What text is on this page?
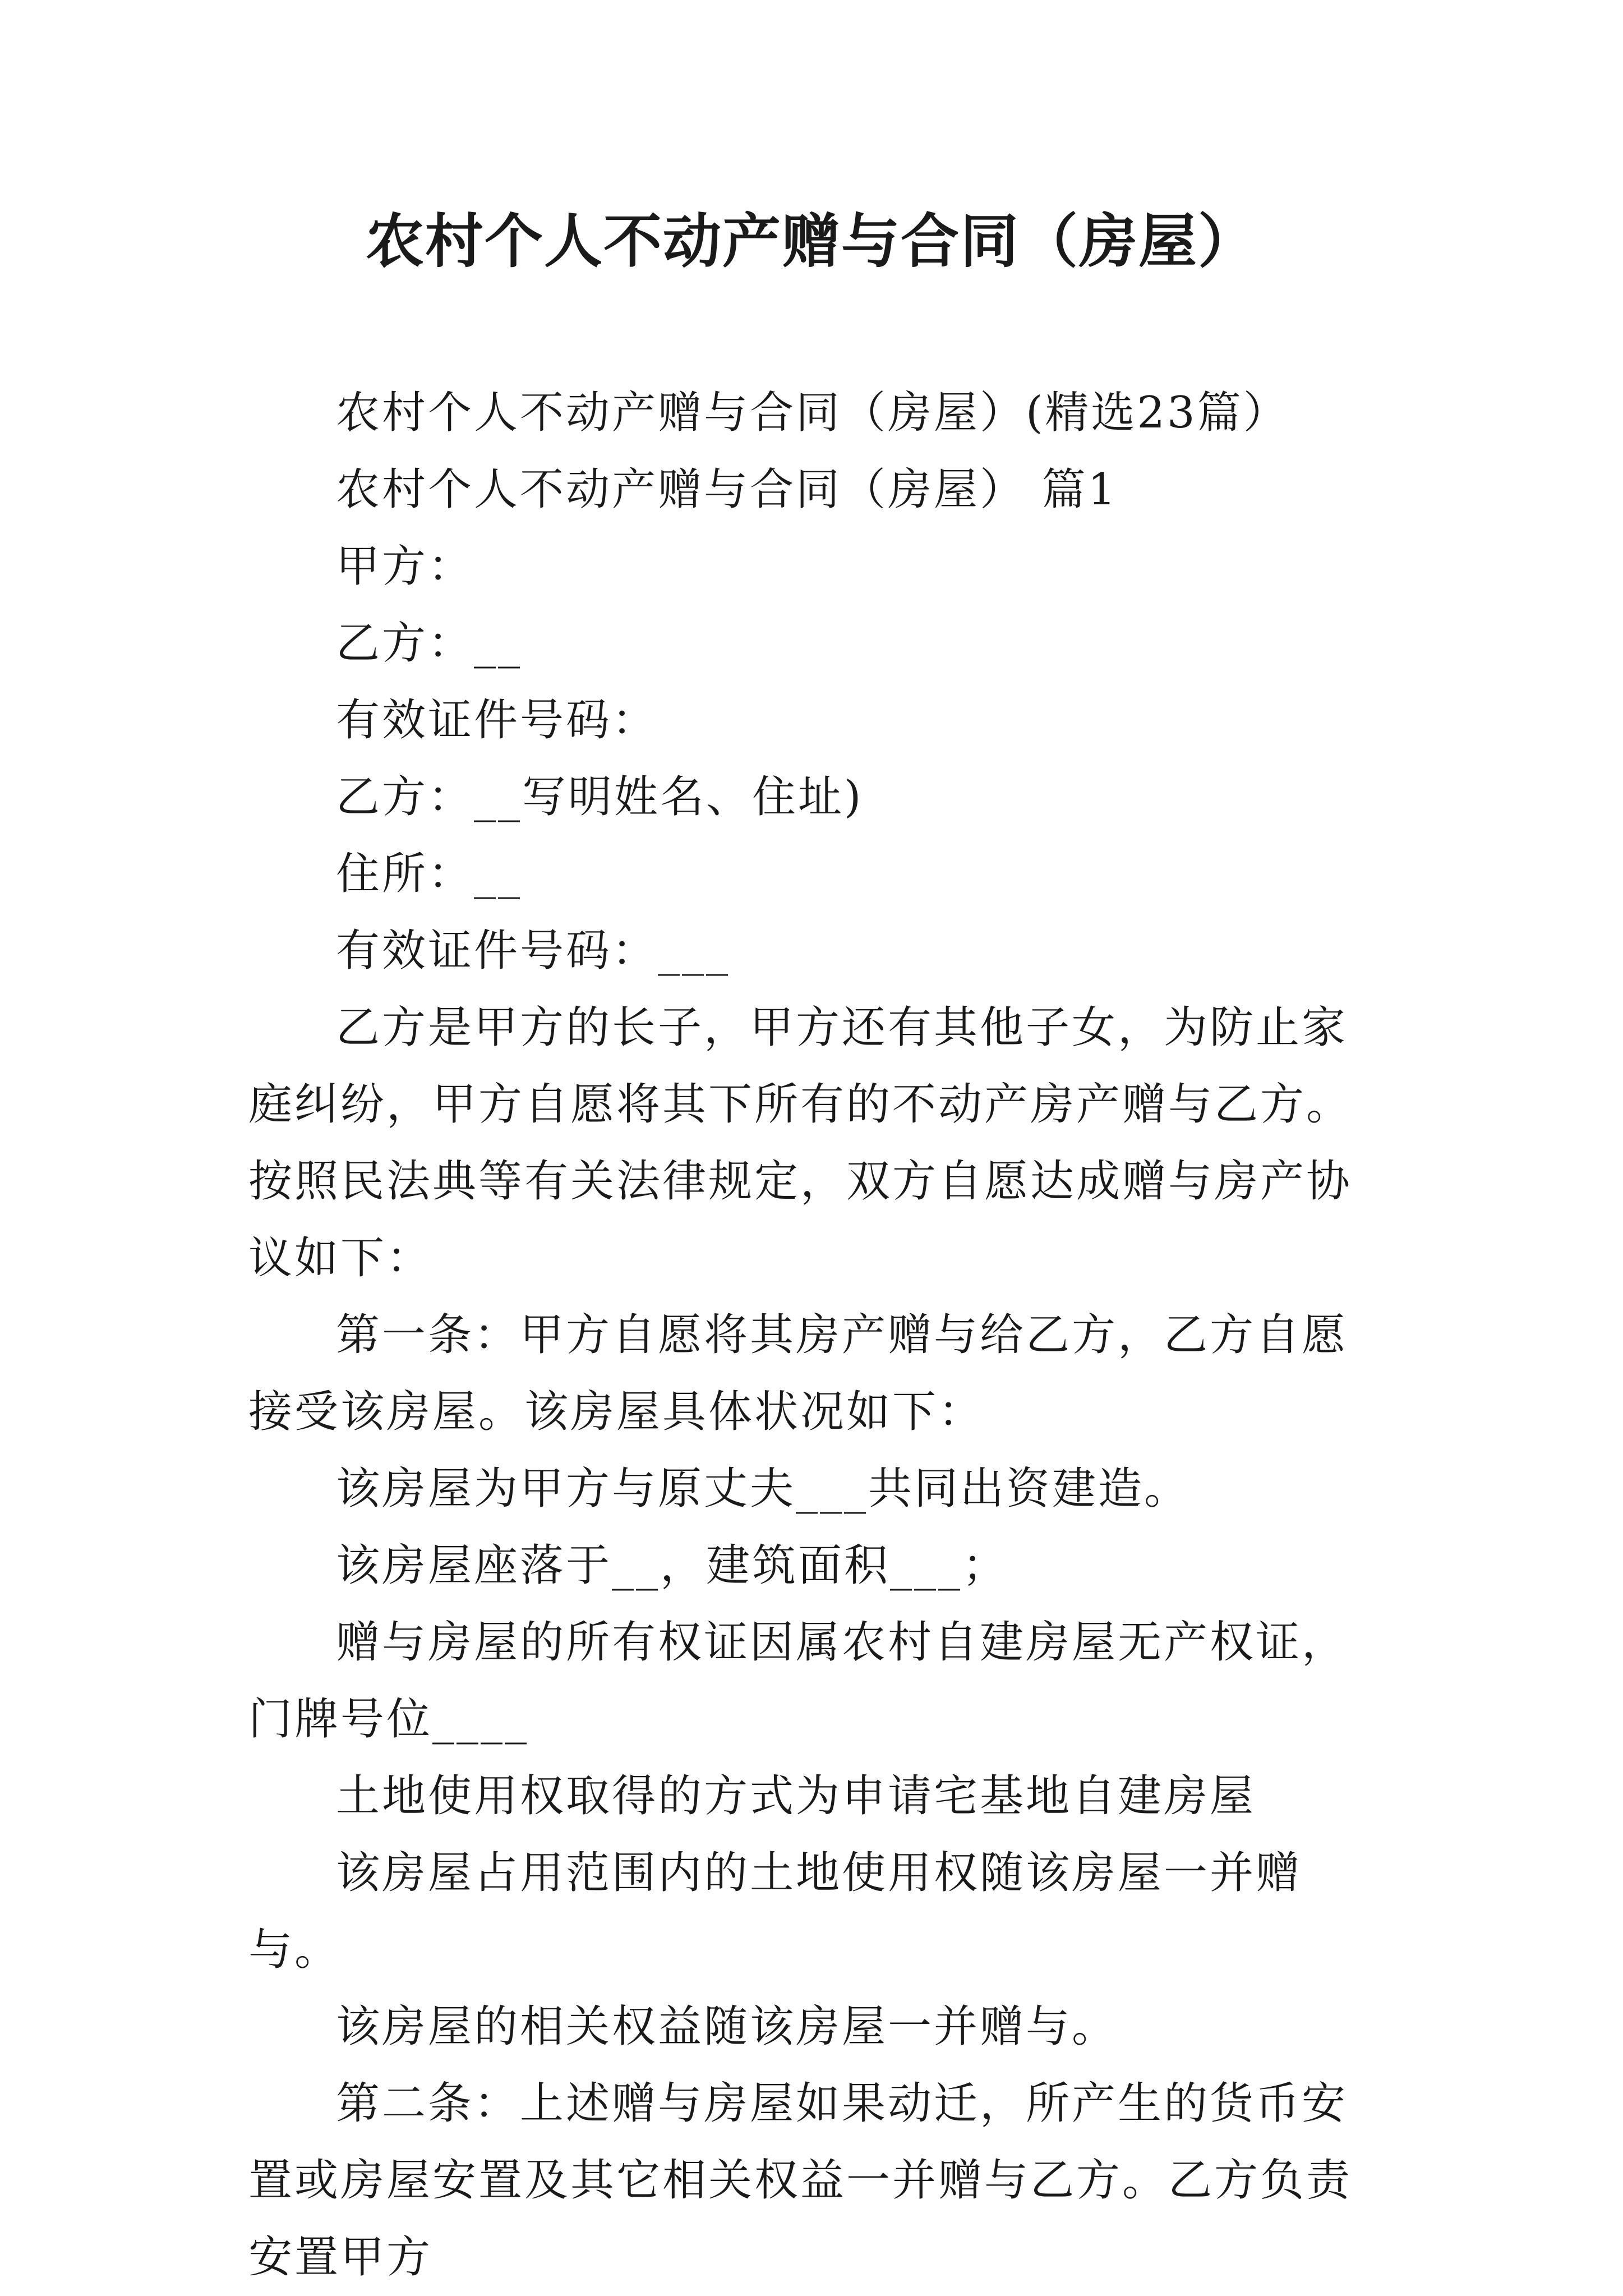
农村个人不动产赠与合同（房屋）

农村个人不动产赠与合同（房屋）(精选23篇）

农村个人不动产赠与合同（房屋） 篇1

甲方：

乙方：__

有效证件号码：

乙方：__写明姓名、住址)

住所：__

有效证件号码：___

乙方是甲方的长子，甲方还有其他子女，为防止家庭纠纷，甲方自愿将其下所有的不动产房产赠与乙方。按照民法典等有关法律规定，双方自愿达成赠与房产协议如下：

第一条：甲方自愿将其房产赠与给乙方，乙方自愿接受该房屋。该房屋具体状况如下：

该房屋为甲方与原丈夫___共同出资建造。

该房屋座落于__，建筑面积___；

赠与房屋的所有权证因属农村自建房屋无产权证，门牌号位____

土地使用权取得的方式为申请宅基地自建房屋

该房屋占用范围内的土地使用权随该房屋一并赠与。

该房屋的相关权益随该房屋一并赠与。

第二条：上述赠与房屋如果动迁，所产生的货币安置或房屋安置及其它相关权益一并赠与乙方。乙方负责安置甲方
